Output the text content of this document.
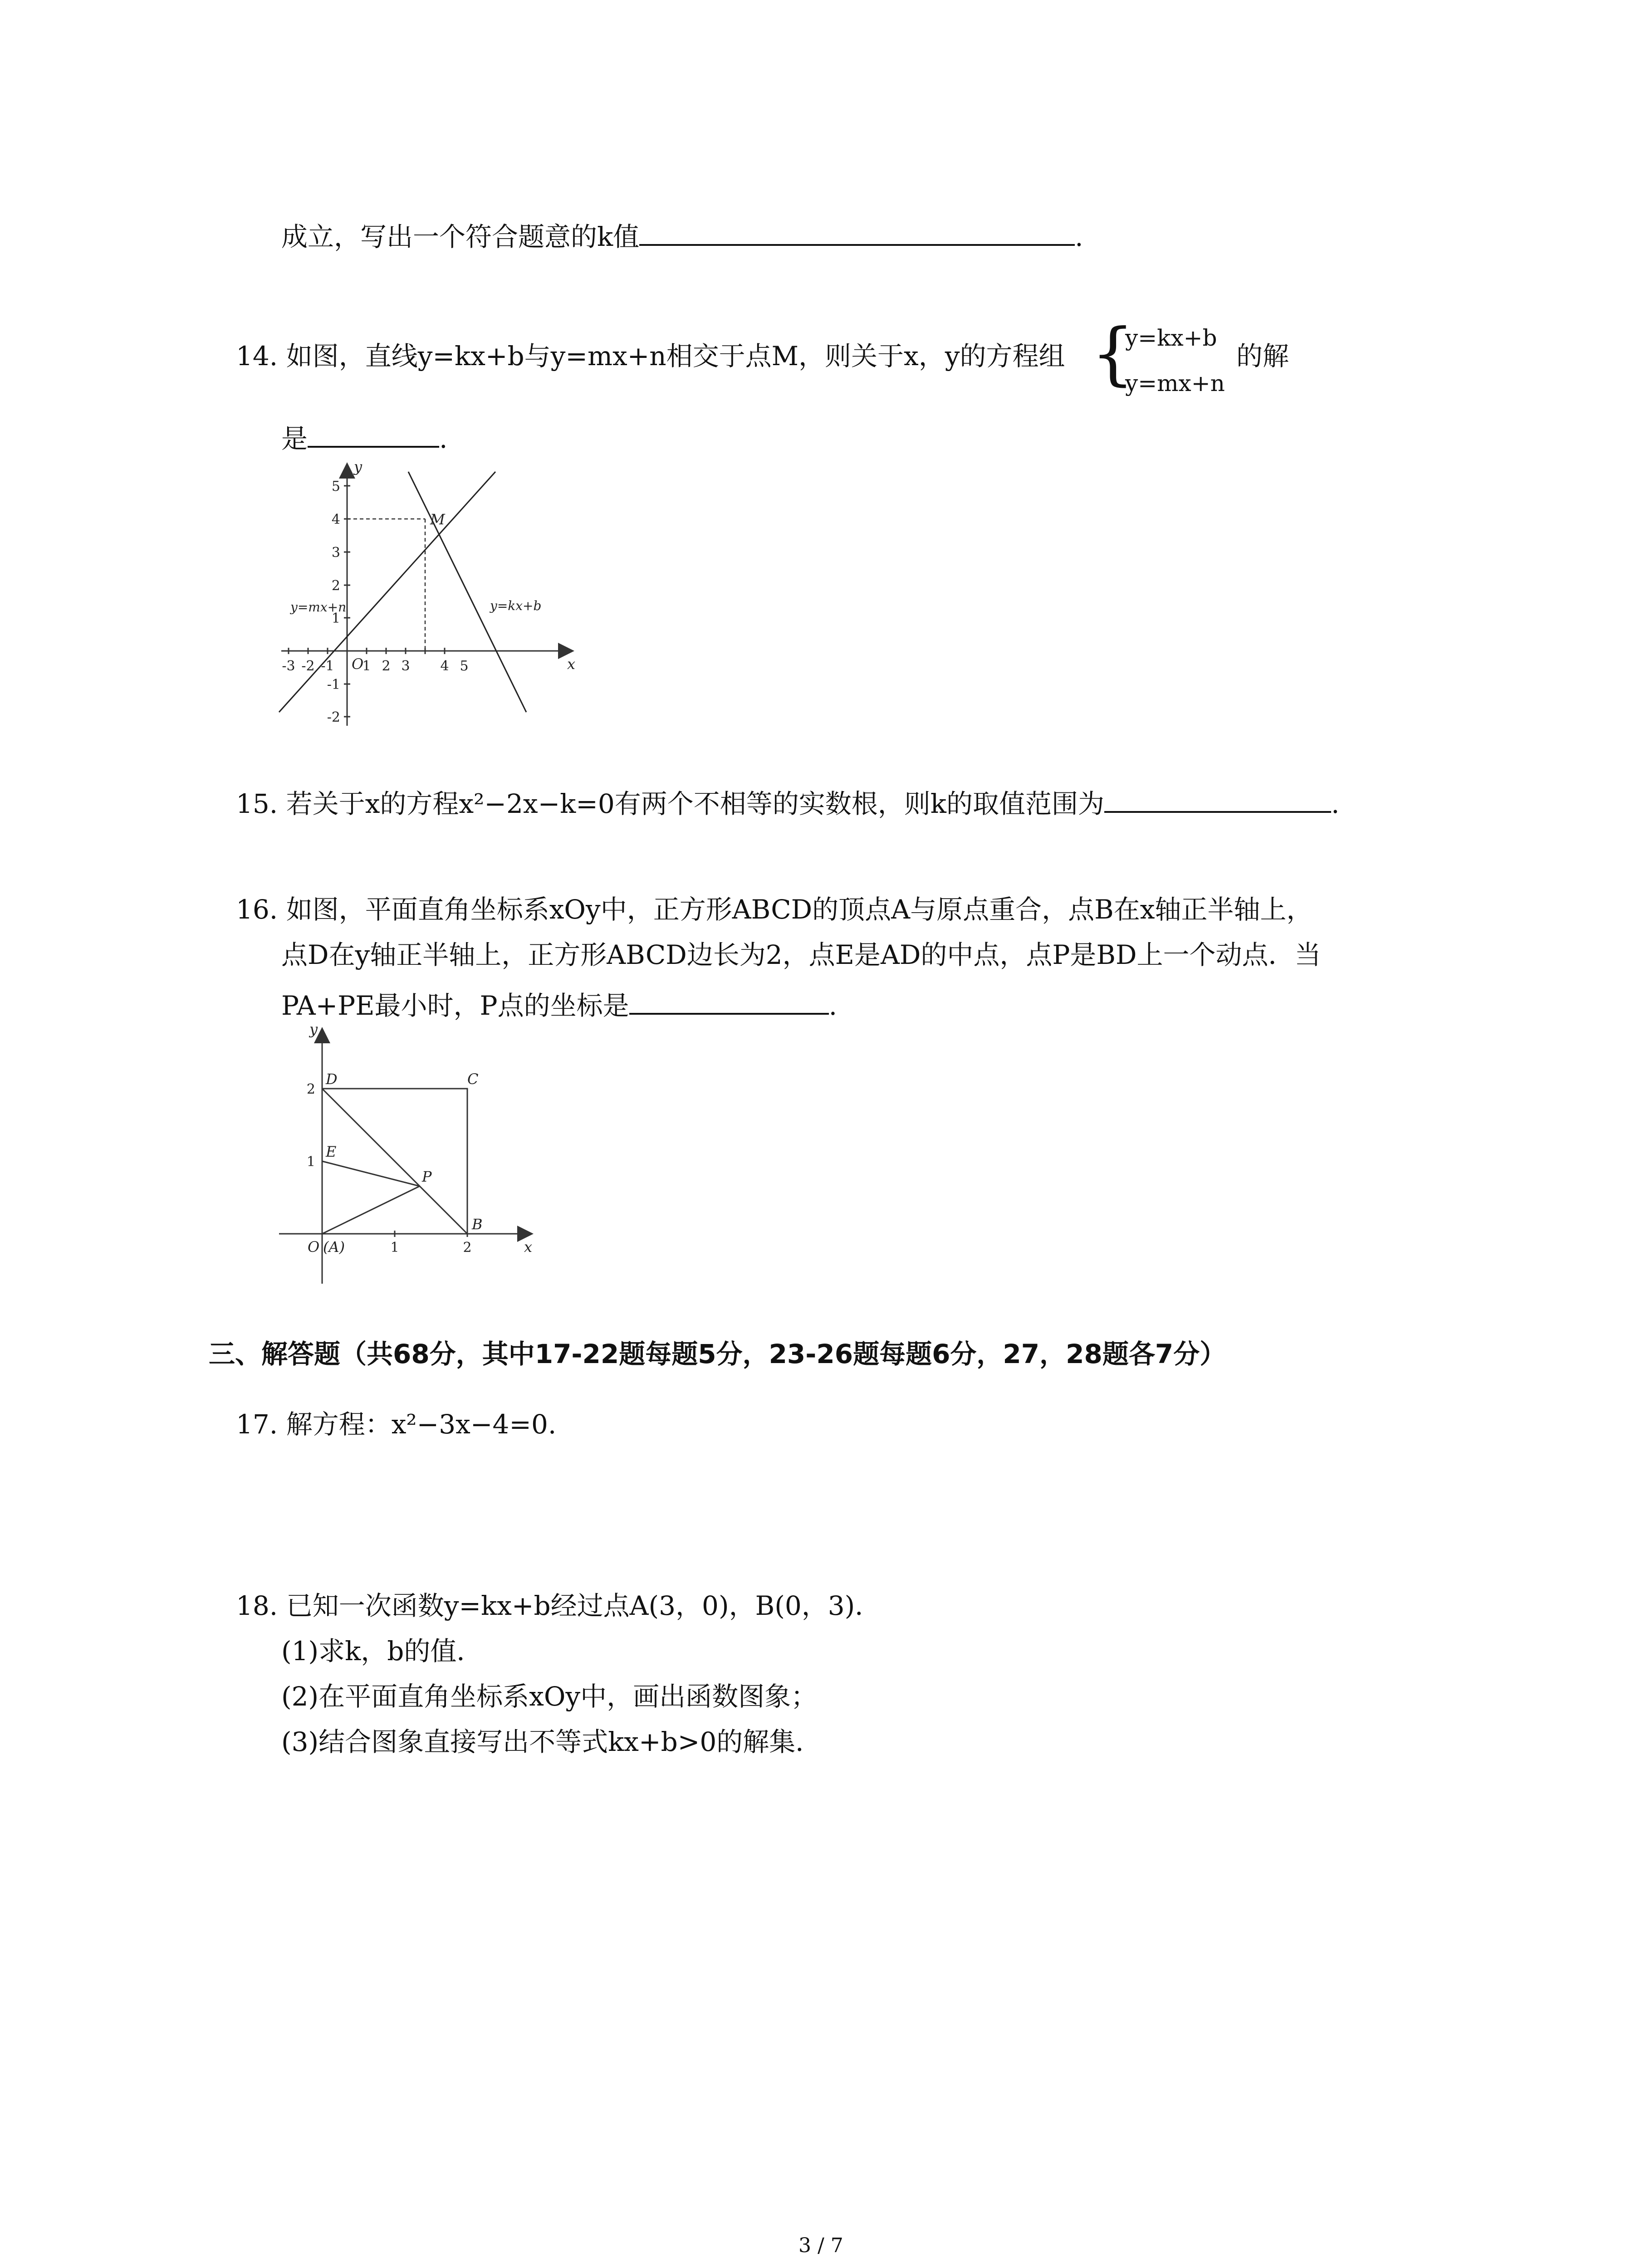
成立，写出一个符合题意的k值	.
14. 如图，直线y=kx+b与y=mx+n相交于点M，则关于x，y的方程组 {
y=kx+b
y=mx+n
的解
是	.
-3 -2 -1 1 2 3 4 5
5
4
3
2
1
-1
-2
O	x
y
M
y=mx+n	y=kx+b
15. 若关于x的方程x²−2x−k=0有两个不相等的实数根，则k的取值范围为	.
16. 如图，平面直角坐标系xOy中，正方形ABCD的顶点A与原点重合，点B在x轴正半轴上，
点D在y轴正半轴上，正方形ABCD边长为2，点E是AD的中点，点P是BD上一个动点．当
PA+PE最小时，P点的坐标是	.
1	2
2
1
D	C
E
P
B
O (A)	x
y
三、解答题（共68分，其中17-22题每题5分，23-26题每题6分，27，28题各7分）
17. 解方程：x²−3x−4=0.
18. 已知一次函数y=kx+b经过点A(3，0)，B(0，3)．
(1)求k，b的值．
(2)在平面直角坐标系xOy中，画出函数图象；
(3)结合图象直接写出不等式kx+b>0的解集．
3 / 7
